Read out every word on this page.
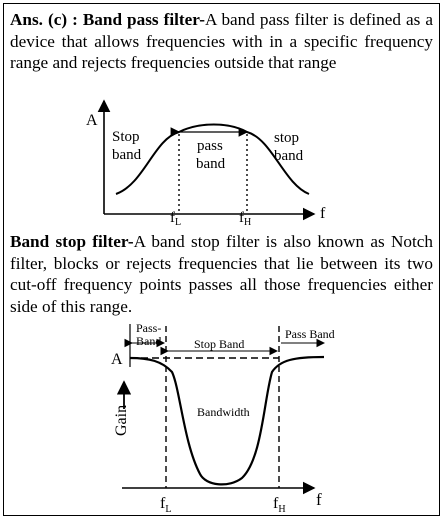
Ans. (c) : Band pass filter-A band pass filter is defined as a device that allows frequencies with in a specific frequency range and rejects frequencies outside that range

A
f
Stop
band
pass
band
stop
band
$f_L$	$f_H$

Band stop filter-A band stop filter is also known as Notch filter, blocks or rejects frequencies that lie between its two cut-off frequency points passes all those frequencies either side of this range.

Pass-
Band	Stop Band
Pass Band
A
Gain	Bandwidth
f
$f_L$	$f_H$
